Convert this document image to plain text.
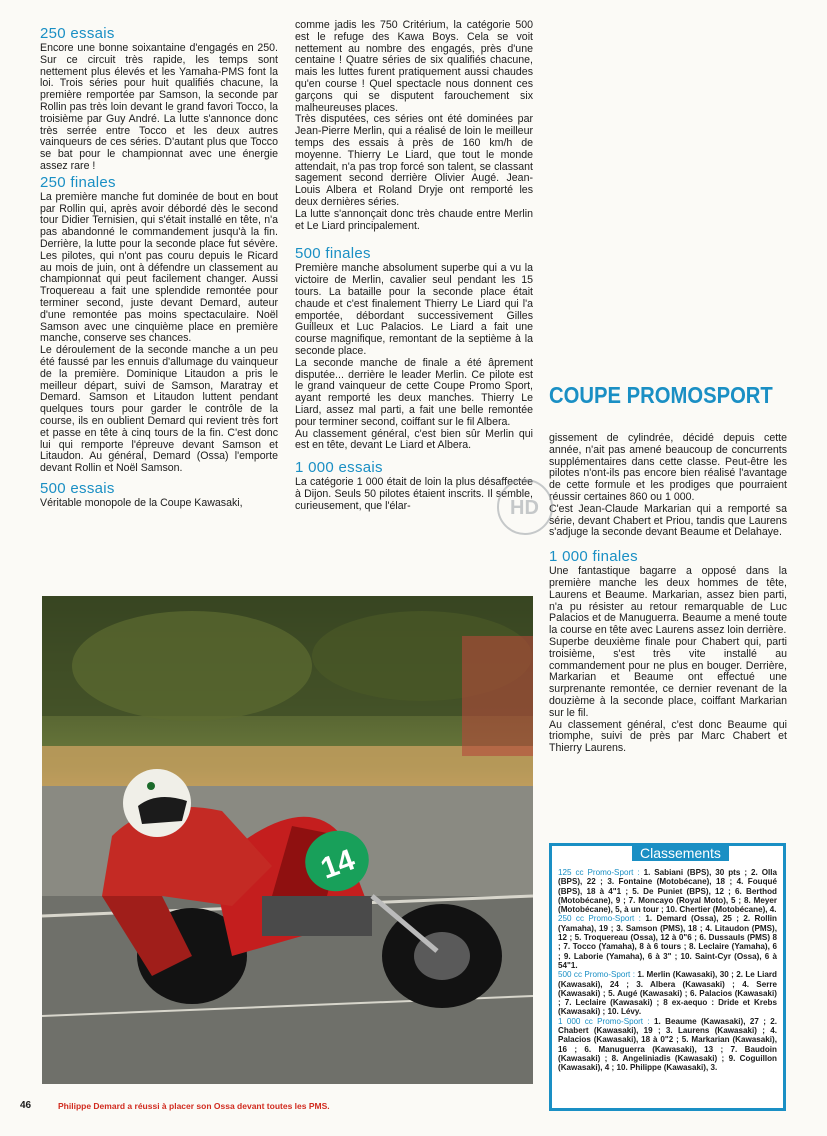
250 essais

Encore une bonne soixantaine d'engagés en 250. Sur ce circuit très rapide, les temps sont nettement plus élevés et les Yamaha-PMS font la loi. Trois séries pour huit qualifiés chacune, la première remportée par Samson, la seconde par Rollin pas très loin devant le grand favori Tocco, la troisième par Guy André. La lutte s'annonce donc très serrée entre Tocco et les deux autres vainqueurs de ces séries. D'autant plus que Tocco se bat pour le championnat avec une énergie assez rare !

250 finales

La première manche fut dominée de bout en bout par Rollin qui, après avoir débordé dès le second tour Didier Ternisien, qui s'était installé en tête, n'a pas abandonné le commandement jusqu'à la fin. Derrière, la lutte pour la seconde place fut sévère. Les pilotes, qui n'ont pas couru depuis le Ricard au mois de juin, ont à défendre un classement au championnat qui peut facilement changer. Aussi Troquereau a fait une splendide remontée pour terminer second, juste devant Demard, auteur d'une remontée pas moins spectaculaire. Noël Samson avec une cinquième place en première manche, conserve ses chances.

Le déroulement de la seconde manche a un peu été faussé par les ennuis d'allumage du vainqueur de la première. Dominique Litaudon a pris le meilleur départ, suivi de Samson, Maratray et Demard. Samson et Litaudon luttent pendant quelques tours pour garder le contrôle de la course, ils en oublient Demard qui revient très fort et passe en tête à cinq tours de la fin. C'est donc lui qui remporte l'épreuve devant Samson et Litaudon. Au général, Demard (Ossa) l'emporte devant Rollin et Noël Samson.

500 essais

Véritable monopole de la Coupe Kawasaki,

comme jadis les 750 Critérium, la catégorie 500 est le refuge des Kawa Boys. Cela se voit nettement au nombre des engagés, près d'une centaine ! Quatre séries de six qualifiés chacune, mais les luttes furent pratiquement aussi chaudes qu'en course ! Quel spectacle nous donnent ces garçons qui se disputent farouchement six malheureuses places.

Très disputées, ces séries ont été dominées par Jean-Pierre Merlin, qui a réalisé de loin le meilleur temps des essais à près de 160 km/h de moyenne. Thierry Le Liard, que tout le monde attendait, n'a pas trop forcé son talent, se classant sagement second derrière Olivier Augé. Jean-Louis Albera et Roland Dryje ont remporté les deux dernières séries.

La lutte s'annonçait donc très chaude entre Merlin et Le Liard principalement.

500 finales

Première manche absolument superbe qui a vu la victoire de Merlin, cavalier seul pendant les 15 tours. La bataille pour la seconde place était chaude et c'est finalement Thierry Le Liard qui l'a emportée, débordant successivement Gilles Guilleux et Luc Palacios. Le Liard a fait une course magnifique, remontant de la septième à la seconde place.

La seconde manche de finale a été âprement disputée... derrière le leader Merlin. Ce pilote est le grand vainqueur de cette Coupe Promo Sport, ayant remporté les deux manches. Thierry Le Liard, assez mal parti, a fait une belle remontée pour terminer second, coiffant sur le fil Albera.

Au classement général, c'est bien sûr Merlin qui est en tête, devant Le Liard et Albera.

1 000 essais

La catégorie 1 000 était de loin la plus désaffectée à Dijon. Seuls 50 pilotes étaient inscrits. Il semble, curieusement, que l'élar-

COUPE PROMOSPORT

gissement de cylindrée, décidé depuis cette année, n'ait pas amené beaucoup de concurrents supplémentaires dans cette classe. Peut-être les pilotes n'ont-ils pas encore bien réalisé l'avantage de cette formule et les prodiges que pourraient réussir certaines 860 ou 1 000.

C'est Jean-Claude Markarian qui a remporté sa série, devant Chabert et Priou, tandis que Laurens s'adjuge la seconde devant Beaume et Delahaye.

1 000 finales

Une fantastique bagarre a opposé dans la première manche les deux hommes de tête, Laurens et Beaume. Markarian, assez bien parti, n'a pu résister au retour remarquable de Luc Palacios et de Manuguerra. Beaume a mené toute la course en tête avec Laurens assez loin derrière.

Superbe deuxième finale pour Chabert qui, parti troisième, s'est très vite installé au commandement pour ne plus en bouger. Derrière, Markarian et Beaume ont effectué une surprenante remontée, ce dernier revenant de la douzième à la seconde place, coiffant Markarian sur le fil.

Au classement général, c'est donc Beaume qui triomphe, suivi de près par Marc Chabert et Thierry Laurens.

14
HD
Classements

125 cc Promo-Sport : 1. Sabiani (BPS), 30 pts ; 2. Olla (BPS), 22 ; 3. Fontaine (Motobécane), 18 ; 4. Fouqué (BPS), 18 à 4"1 ; 5. De Puniet (BPS), 12 ; 6. Berthod (Motobécane), 9 ; 7. Moncayo (Royal Moto), 5 ; 8. Meyer (Motobécane), 5, à un tour ; 10. Chertier (Motobécane), 4.

250 cc Promo-Sport : 1. Demard (Ossa), 25 ; 2. Rollin (Yamaha), 19 ; 3. Samson (PMS), 18 ; 4. Litaudon (PMS), 12 ; 5. Troquereau (Ossa), 12 à 0"6 ; 6. Dussauls (PMS) 8 ; 7. Tocco (Yamaha), 8 à 6 tours ; 8. Leclaire (Yamaha), 6 ; 9. Laborie (Yamaha), 6 à 3" ; 10. Saint-Cyr (Ossa), 6 à 54"1.

500 cc Promo-Sport : 1. Merlin (Kawasaki), 30 ; 2. Le Liard (Kawasaki), 24 ; 3. Albera (Kawasaki) ; 4. Serre (Kawasaki) ; 5. Augé (Kawasaki) ; 6. Palacios (Kawasaki) ; 7. Leclaire (Kawasaki) ; 8 ex-aequo : Dride et Krebs (Kawasaki) ; 10. Lévy.

1 000 cc Promo-Sport : 1. Beaume (Kawasaki), 27 ; 2. Chabert (Kawasaki), 19 ; 3. Laurens (Kawasaki) ; 4. Palacios (Kawasaki), 18 à 0"2 ; 5. Markarian (Kawasaki), 16 ; 6. Manuguerra (Kawasaki), 13 ; 7. Baudoin (Kawasaki) ; 8. Angeliniadis (Kawasaki) ; 9. Coguillon (Kawasaki), 4 ; 10. Philippe (Kawasaki), 3.

46	Philippe Demard a réussi à placer son Ossa devant toutes les PMS.
